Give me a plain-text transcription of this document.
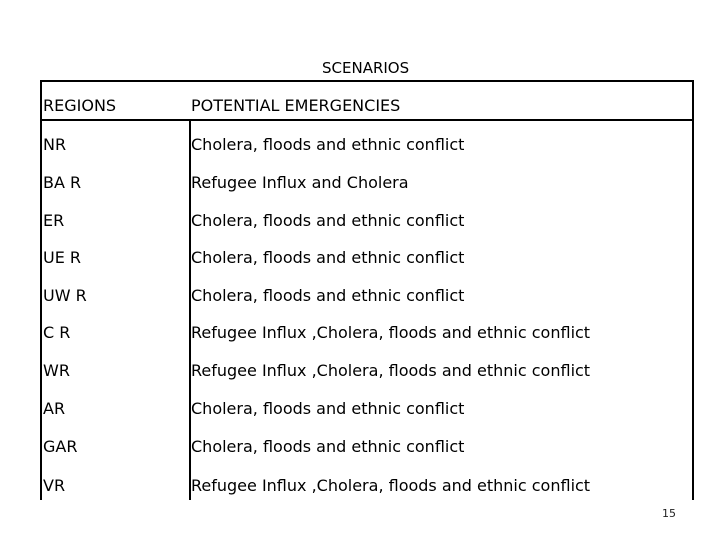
SCENARIOS
REGIONS	POTENTIAL EMERGENCIES
NR	Cholera, floods and ethnic conflict
BA R	Refugee Influx and Cholera
ER	Cholera, floods and ethnic conflict
UE R	Cholera, floods and ethnic conflict
UW R	Cholera, floods and ethnic conflict
C R	Refugee Influx ,Cholera, floods and ethnic conflict
WR	Refugee Influx ,Cholera, floods and ethnic conflict
AR	Cholera, floods and ethnic conflict
GAR	Cholera, floods and ethnic conflict
VR	Refugee Influx ,Cholera, floods and ethnic conflict
15
